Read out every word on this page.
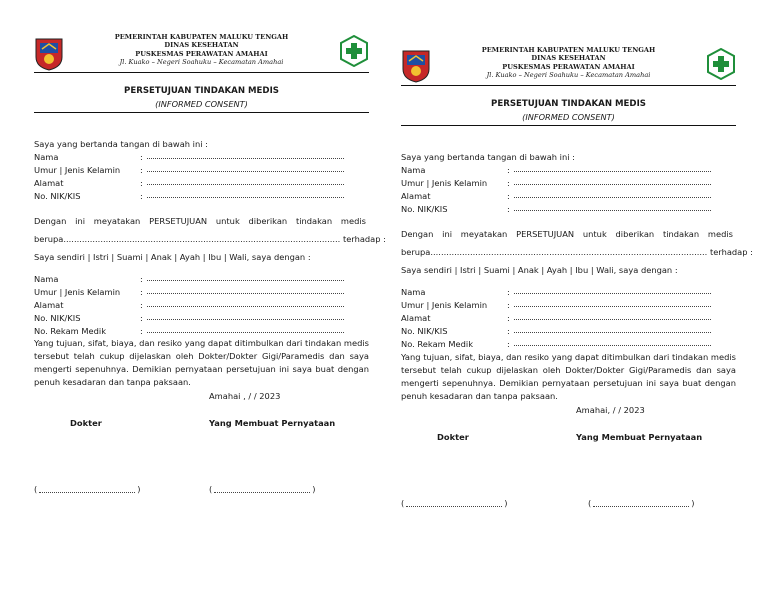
PEMERINTAH KABUPATEN MALUKU TENGAH
DINAS KESEHATAN
PUSKESMAS PERAWATAN AMAHAI
Jl. Kuako – Negeri Soahuku – Kecamatan Amahai
PERSETUJUAN TINDAKAN MEDIS
(INFORMED CONSENT)
Saya yang bertanda tangan di bawah ini :
Nama	:
Umur | Jenis Kelamin :
Alamat	:
No. NIK/KIS	:
Dengan ini meyatakan PERSETUJUAN untuk diberikan tindakan medis
berupa......................................................................................................... terhadap :
Saya sendiri | Istri | Suami | Anak | Ayah | Ibu | Wali, saya dengan :
Nama	:
Umur | Jenis Kelamin :
Alamat	:
No. NIK/KIS	:
No. Rekam Medik	:
Yang tujuan, sifat, biaya, dan resiko yang dapat ditimbulkan dari tindakan medis tersebut telah cukup dijelaskan oleh Dokter/Dokter Gigi/Paramedis dan saya mengerti sepenuhnya. Demikian pernyataan persetujuan ini saya buat dengan penuh kesadaran dan tanpa paksaan.
Amahai , / / 2023
Dokter	Yang Membuat Pernyataan
(	)	(	)
PEMERINTAH KABUPATEN MALUKU TENGAH
DINAS KESEHATAN
PUSKESMAS PERAWATAN AMAHAI
Jl. Kuako – Negeri Soahuku – Kecamatan Amahai
PERSETUJUAN TINDAKAN MEDIS
(INFORMED CONSENT)
Saya yang bertanda tangan di bawah ini :
Nama	:
Umur | Jenis Kelamin :
Alamat	:
No. NIK/KIS	:
Dengan ini meyatakan PERSETUJUAN untuk diberikan tindakan medis
berupa......................................................................................................... terhadap :
Saya sendiri | Istri | Suami | Anak | Ayah | Ibu | Wali, saya dengan :
Nama	:
Umur | Jenis Kelamin :
Alamat	:
No. NIK/KIS	:
No. Rekam Medik	:
Yang tujuan, sifat, biaya, dan resiko yang dapat ditimbulkan dari tindakan medis tersebut telah cukup dijelaskan oleh Dokter/Dokter Gigi/Paramedis dan saya mengerti sepenuhnya. Demikian pernyataan persetujuan ini saya buat dengan penuh kesadaran dan tanpa paksaan.
Amahai, / / 2023
Dokter	Yang Membuat Pernyataan
(	)	(	)
